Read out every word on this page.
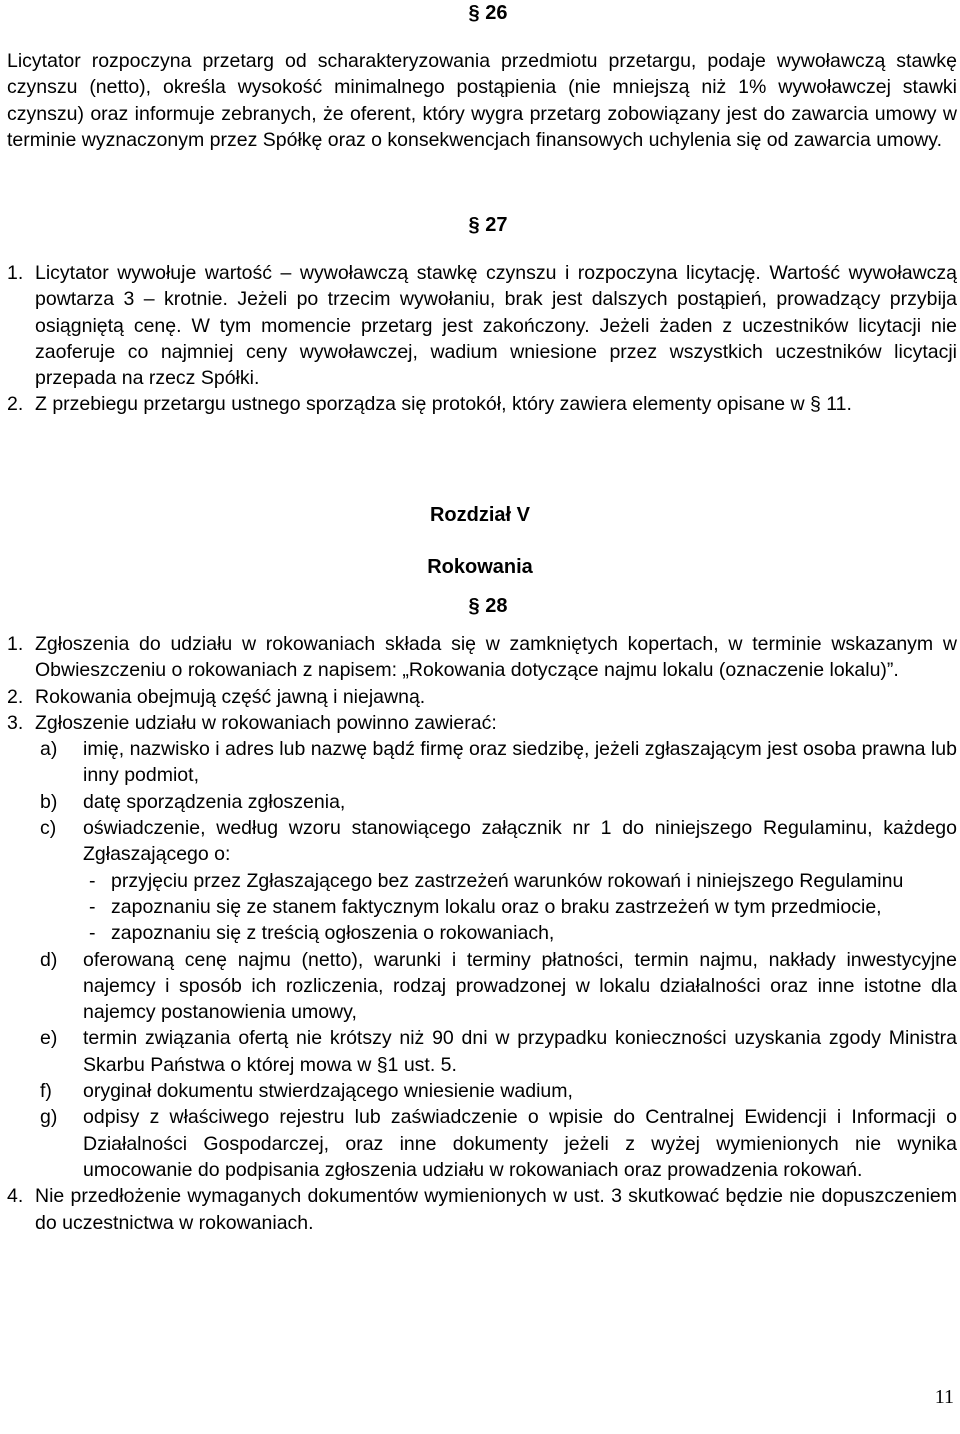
§ 26
Licytator rozpoczyna przetarg od scharakteryzowania przedmiotu przetargu, podaje wywoławczą stawkę czynszu (netto), określa wysokość minimalnego postąpienia (nie mniejszą niż 1% wywoławczej stawki czynszu) oraz informuje zebranych, że oferent, który wygra przetarg zobowiązany jest do zawarcia umowy w terminie wyznaczonym przez Spółkę oraz o konsekwencjach finansowych uchylenia się od zawarcia umowy.
§ 27
1. Licytator wywołuje wartość – wywoławczą stawkę czynszu i rozpoczyna licytację. Wartość wywoławczą powtarza 3 – krotnie. Jeżeli po trzecim wywołaniu, brak jest dalszych postąpień, prowadzący przybija osiągniętą cenę. W tym momencie przetarg jest zakończony. Jeżeli żaden z uczestników licytacji nie zaoferuje co najmniej ceny wywoławczej, wadium wniesione przez wszystkich uczestników licytacji przepada na rzecz Spółki.
2. Z przebiegu przetargu ustnego sporządza się protokół, który zawiera elementy opisane w § 11.
Rozdział V
Rokowania
§ 28
1. Zgłoszenia do udziału w rokowaniach składa się w zamkniętych kopertach, w terminie wskazanym w Obwieszczeniu o rokowaniach z napisem: „Rokowania dotyczące najmu lokalu (oznaczenie lokalu)”.
2. Rokowania obejmują część jawną i niejawną.
3. Zgłoszenie udziału w rokowaniach powinno zawierać:
a) imię, nazwisko i adres lub nazwę bądź firmę oraz siedzibę, jeżeli zgłaszającym jest osoba prawna lub inny podmiot,
b) datę sporządzenia zgłoszenia,
c) oświadczenie, według wzoru stanowiącego załącznik nr 1 do niniejszego Regulaminu, każdego Zgłaszającego o:
- przyjęciu przez Zgłaszającego bez zastrzeżeń warunków rokowań i niniejszego Regulaminu
- zapoznaniu się ze stanem faktycznym lokalu oraz o braku zastrzeżeń w tym przedmiocie,
- zapoznaniu się z treścią ogłoszenia o rokowaniach,
d) oferowaną cenę najmu (netto), warunki i terminy płatności, termin najmu, nakłady inwestycyjne najemcy i sposób ich rozliczenia, rodzaj prowadzonej w lokalu działalności oraz inne istotne dla najemcy postanowienia umowy,
e) termin związania ofertą nie krótszy niż 90 dni w przypadku konieczności uzyskania zgody Ministra Skarbu Państwa o której mowa w §1 ust. 5.
f) oryginał dokumentu stwierdzającego wniesienie wadium,
g) odpisy z właściwego rejestru lub zaświadczenie o wpisie do Centralnej Ewidencji i Informacji o Działalności Gospodarczej, oraz inne dokumenty jeżeli z wyżej wymienionych nie wynika umocowanie do podpisania zgłoszenia udziału w rokowaniach oraz prowadzenia rokowań.
4. Nie przedłożenie wymaganych dokumentów wymienionych w ust. 3 skutkować będzie nie dopuszczeniem do uczestnictwa w rokowaniach.
11
